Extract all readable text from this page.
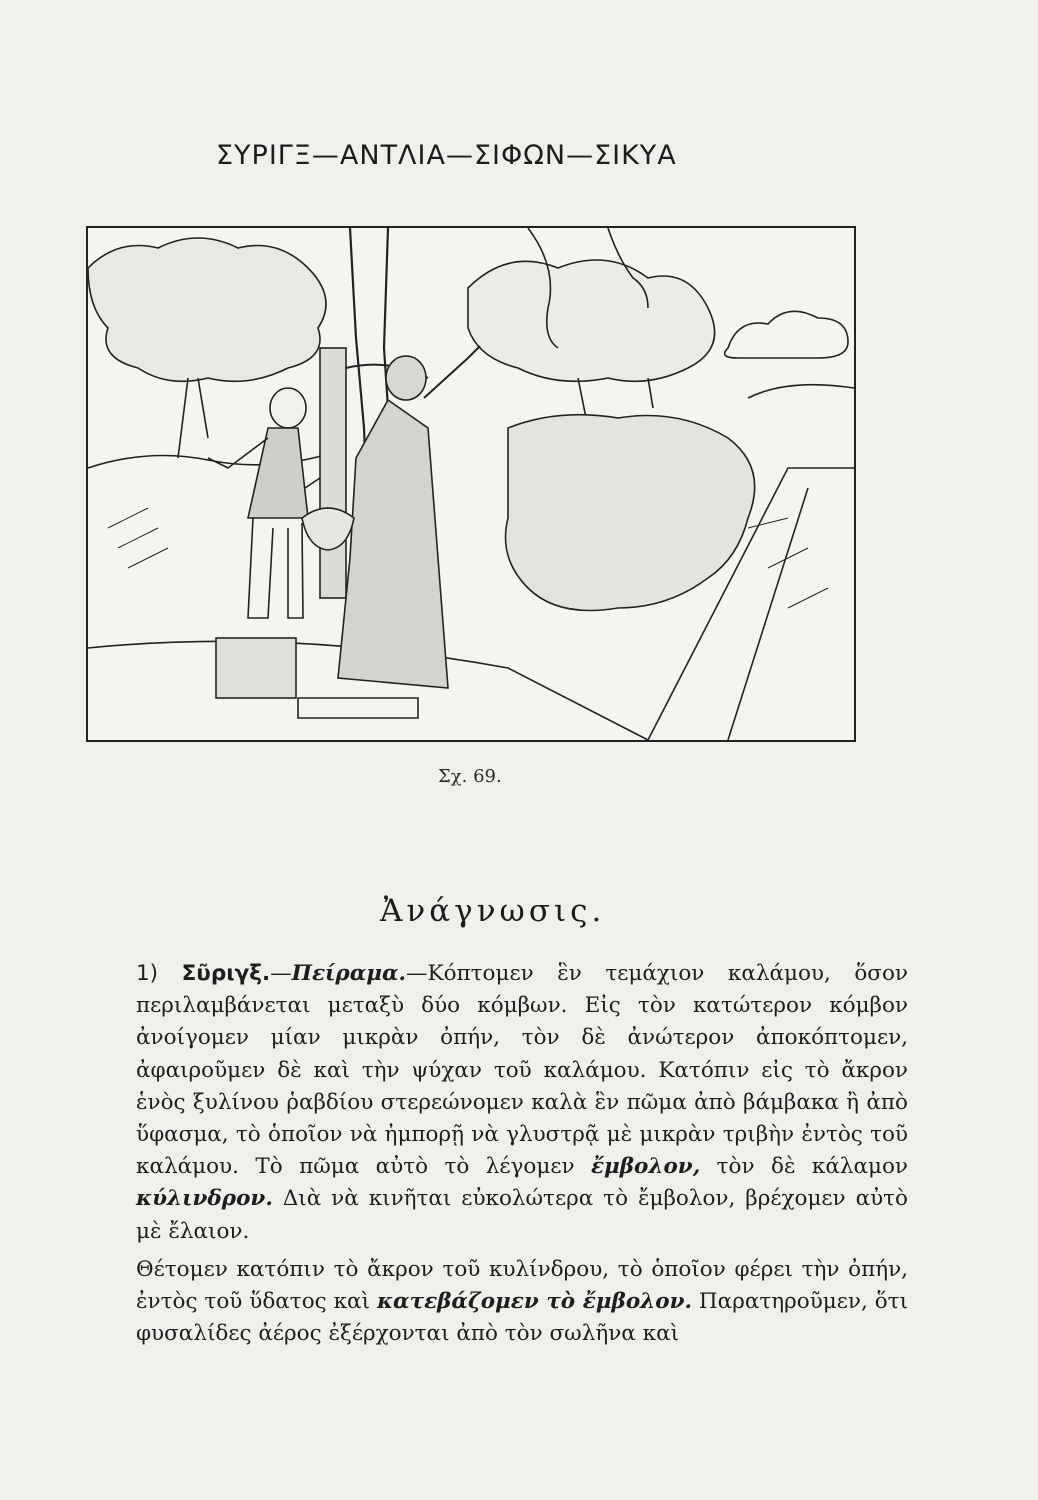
ΣΥΡΙΓΞ—ΑΝΤΛΙΑ—ΣΙΦΩΝ—ΣΙΚΥΑ
Σχ. 69.
Ἀνάγνωσις.

1) Σῦριγξ.—Πείραμα.—Κόπτομεν ἓν τεμάχιον καλάμου, ὅσον περιλαμβάνεται μεταξὺ δύο κόμβων. Εἰς τὸν κατώτερον κόμβον ἀνοίγομεν μίαν μικρὰν ὀπήν, τὸν δὲ ἀνώτερον ἀποκόπτομεν, ἀφαιροῦμεν δὲ καὶ τὴν ψύχαν τοῦ καλάμου. Κατόπιν εἰς τὸ ἄκρον ἑνὸς ξυλίνου ῥαβδίου στερεώνομεν καλὰ ἓν πῶμα ἀπὸ βάμβακα ἢ ἀπὸ ὕφασμα, τὸ ὁποῖον νὰ ἠμπορῇ νὰ γλυστρᾷ μὲ μικρὰν τριβὴν ἐντὸς τοῦ καλάμου. Τὸ πῶμα αὐτὸ τὸ λέγομεν ἔμβολον, τὸν δὲ κάλαμον κύλινδρον. Διὰ νὰ κινῆται εὐκολώτερα τὸ ἔμβολον, βρέχομεν αὐτὸ μὲ ἔλαιον.

Θέτομεν κατόπιν τὸ ἄκρον τοῦ κυλίνδρου, τὸ ὁποῖον φέρει τὴν ὀπήν, ἐντὸς τοῦ ὕδατος καὶ κατεβάζομεν τὸ ἔμβολον. Παρατηροῦμεν, ὅτι φυσαλίδες ἀέρος ἐξέρχονται ἀπὸ τὸν σωλῆνα καὶ
